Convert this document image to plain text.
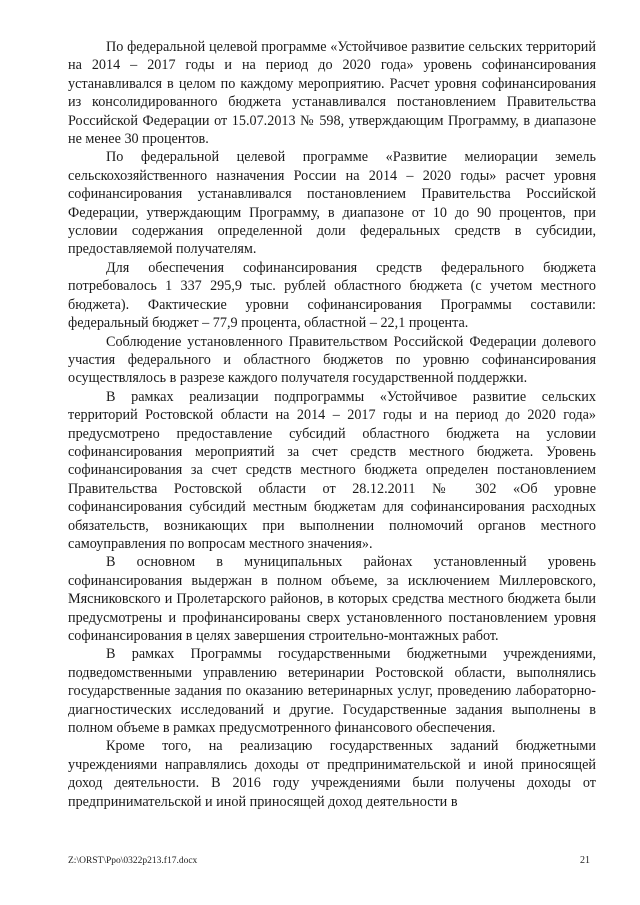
По федеральной целевой программе «Устойчивое развитие сельских территорий на 2014 – 2017 годы и на период до 2020 года» уровень софинансирования устанавливался в целом по каждому мероприятию. Расчет уровня софинансирования из консолидированного бюджета устанавливался постановлением Правительства Российской Федерации от 15.07.2013 № 598, утверждающим Программу, в диапазоне не менее 30 процентов.

По федеральной целевой программе «Развитие мелиорации земель сельскохозяйственного назначения России на 2014 – 2020 годы» расчет уровня софинансирования устанавливался постановлением Правительства Российской Федерации, утверждающим Программу, в диапазоне от 10 до 90 процентов, при условии содержания определенной доли федеральных средств в субсидии, предоставляемой получателям.

Для обеспечения софинансирования средств федерального бюджета потребовалось 1 337 295,9 тыс. рублей областного бюджета (с учетом местного бюджета). Фактические уровни софинансирования Программы составили: федеральный бюджет – 77,9 процента, областной – 22,1 процента.

Соблюдение установленного Правительством Российской Федерации долевого участия федерального и областного бюджетов по уровню софинансирования осуществлялось в разрезе каждого получателя государственной поддержки.

В рамках реализации подпрограммы «Устойчивое развитие сельских территорий Ростовской области на 2014 – 2017 годы и на период до 2020 года» предусмотрено предоставление субсидий областного бюджета на условии софинансирования мероприятий за счет средств местного бюджета. Уровень софинансирования за счет средств местного бюджета определен постановлением Правительства Ростовской области от 28.12.2011 № 302 «Об уровне софинансирования субсидий местным бюджетам для софинансирования расходных обязательств, возникающих при выполнении полномочий органов местного самоуправления по вопросам местного значения».

В основном в муниципальных районах установленный уровень софинансирования выдержан в полном объеме, за исключением Миллеровского, Мясниковского и Пролетарского районов, в которых средства местного бюджета были предусмотрены и профинансированы сверх установленного постановлением уровня софинансирования в целях завершения строительно-монтажных работ.

В рамках Программы государственными бюджетными учреждениями, подведомственными управлению ветеринарии Ростовской области, выполнялись государственные задания по оказанию ветеринарных услуг, проведению лабораторно-диагностических исследований и другие. Государственные задания выполнены в полном объеме в рамках предусмотренного финансового обеспечения.

Кроме того, на реализацию государственных заданий бюджетными учреждениями направлялись доходы от предпринимательской и иной приносящей доход деятельности. В 2016 году учреждениями были получены доходы от предпринимательской и иной приносящей доход деятельности в

Z:\ORST\Ppo\0322p213.f17.docx	21
